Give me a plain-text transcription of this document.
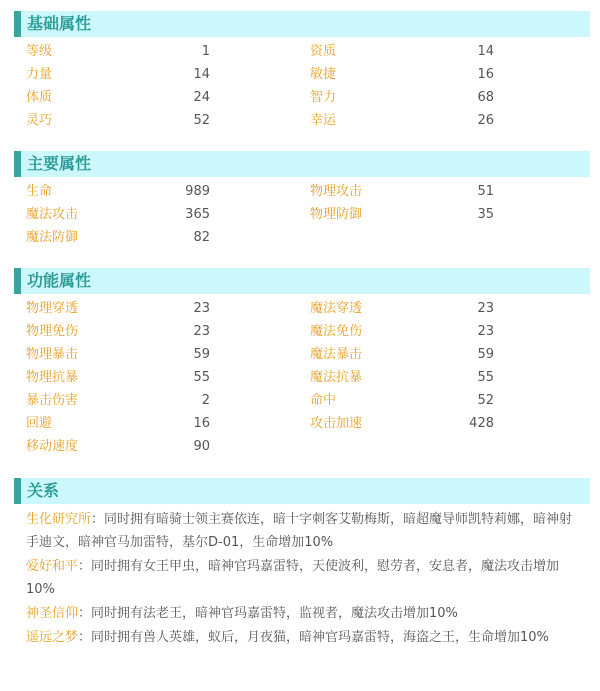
基础属性
等级	1	资质	14
力量	14	敏捷	16
体质	24	智力	68
灵巧	52	幸运	26
主要属性
生命	989	物理攻击	51
魔法攻击	365	物理防御	35
魔法防御	82
功能属性
物理穿透	23	魔法穿透	23
物理免伤	23	魔法免伤	23
物理暴击	59	魔法暴击	59
物理抗暴	55	魔法抗暴	55
暴击伤害	2	命中	52
回避	16	攻击加速	428
移动速度	90
关系
生化研究所：同时拥有暗骑士领主赛依连，暗十字刺客艾勒梅斯，暗超魔导师凯特莉娜，暗神射手迪文，暗神官马加雷特，基尔D-01，生命增加10%
爱好和平：同时拥有女王甲虫，暗神官玛嘉雷特，天使波利，慰劳者，安息者，魔法攻击增加10%
神圣信仰：同时拥有法老王，暗神官玛嘉雷特，监视者，魔法攻击增加10%
遥远之梦：同时拥有兽人英雄，蚁后，月夜猫，暗神官玛嘉雷特，海盗之王，生命增加10%
